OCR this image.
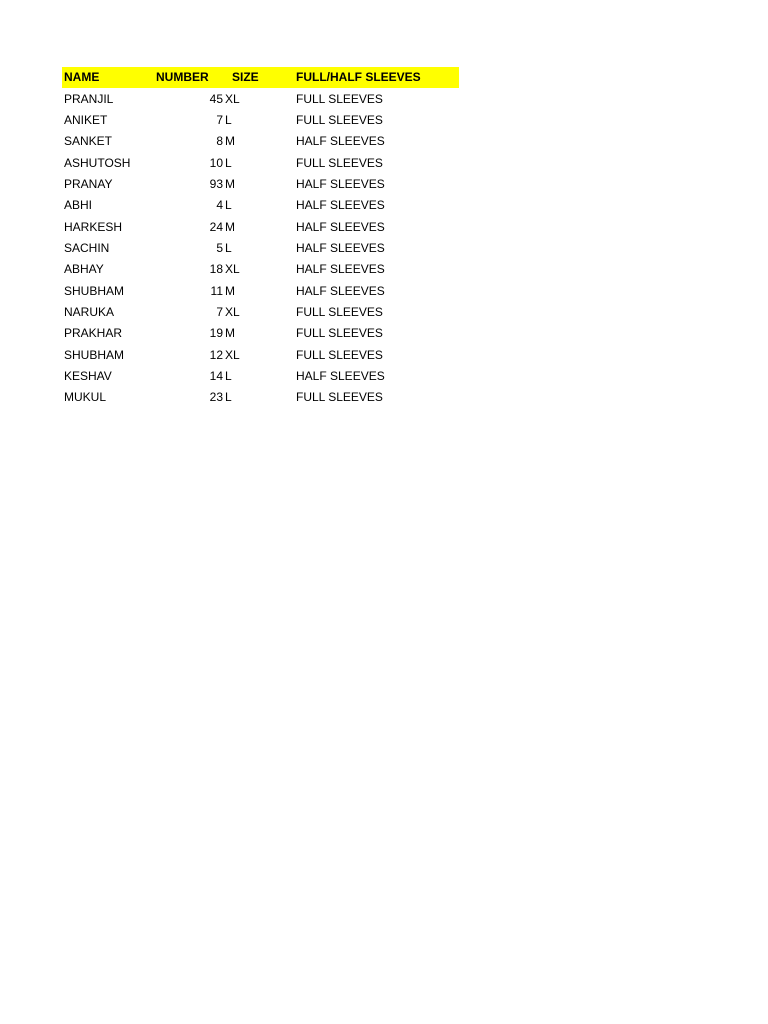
NAME	NUMBER	SIZE	FULL/HALF SLEEVES
PRANJIL	45	XL	FULL SLEEVES
ANIKET	7	L	FULL SLEEVES
SANKET	8	M	HALF SLEEVES
ASHUTOSH	10	L	FULL SLEEVES
PRANAY	93	M	HALF SLEEVES
ABHI	4	L	HALF SLEEVES
HARKESH	24	M	HALF SLEEVES
SACHIN	5	L	HALF SLEEVES
ABHAY	18	XL	HALF SLEEVES
SHUBHAM	11	M	HALF SLEEVES
NARUKA	7	XL	FULL SLEEVES
PRAKHAR	19	M	FULL SLEEVES
SHUBHAM	12	XL	FULL SLEEVES
KESHAV	14	L	HALF SLEEVES
MUKUL	23	L	FULL SLEEVES
